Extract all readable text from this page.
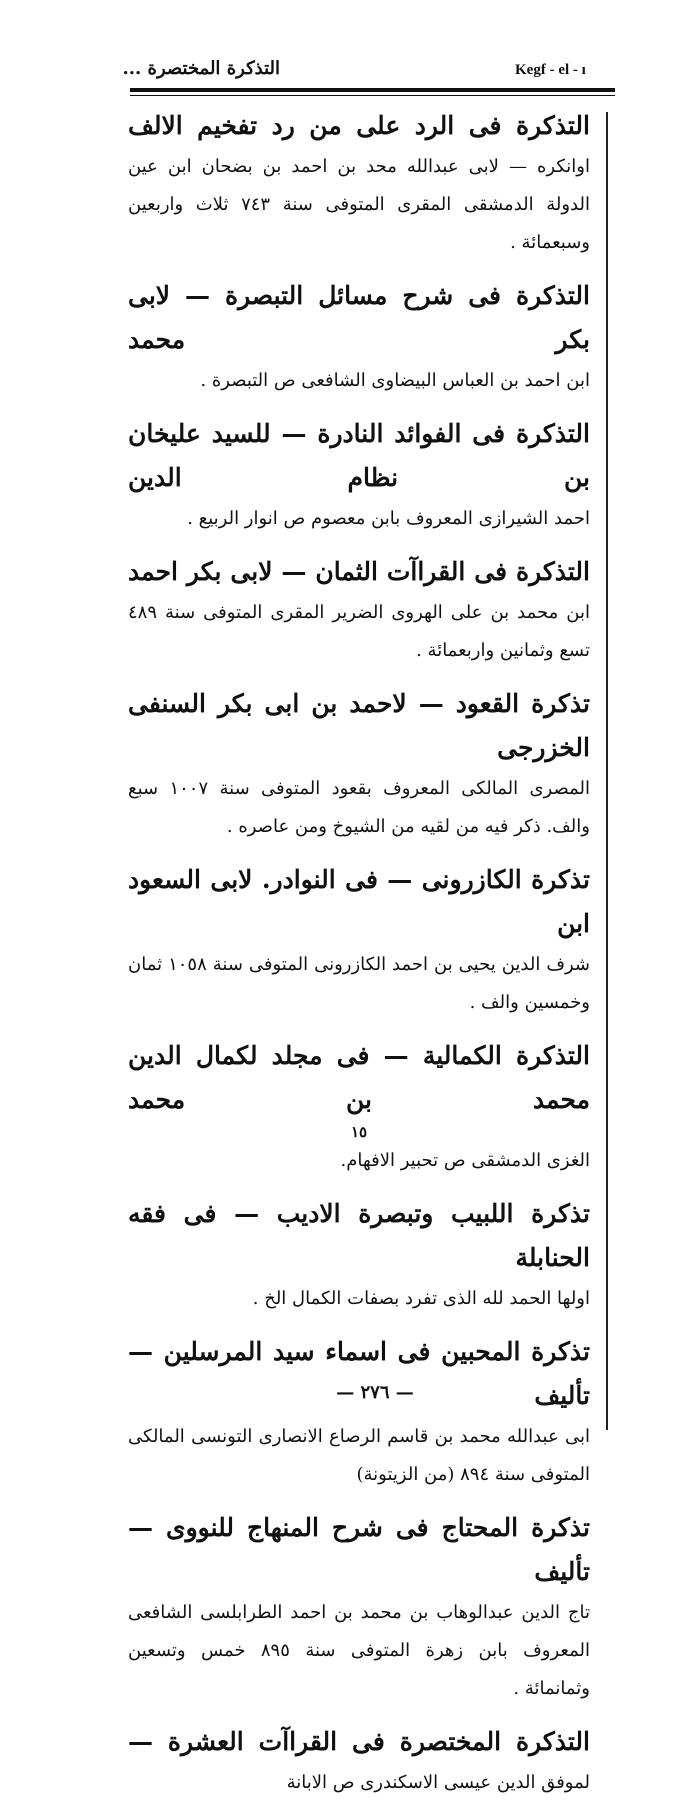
Kegf - el - ı
التذكرة المختصرة ...
التذكرة فى الرد على من رد تفخيم الالف
اوانكره — لابى عبدالله محد بن احمد بن بضحان ابن عين الدولة الدمشقى المقرى المتوفى سنة ٧٤٣ ثلاث واربعين وسبعمائة .
التذكرة فى شرح مسائل التبصرة — لابى بكر محمد
ابن احمد بن العباس البيضاوى الشافعى ص التبصرة .
التذكرة فى الفوائد النادرة — للسيد عليخان بن نظام الدين
احمد الشيرازى المعروف بابن معصوم ص انوار الربيع .
التذكرة فى القراآت الثمان — لابى بكر احمد
ابن محمد بن على الهروى الضرير المقرى المتوفى سنة ٤٨٩ تسع وثمانين واربعمائة .
تذكرة القعود — لاحمد بن ابى بكر السنفى الخزرجى
المصرى المالكى المعروف بقعود المتوفى سنة ١٠٠٧ سبع والف. ذكر فيه من لقيه من الشيوخ ومن عاصره .
تذكرة الكازرونى — فى النوادر. لابى السعود ابن
شرف الدين يحيى بن احمد الكازرونى المتوفى سنة ١٠٥٨ ثمان وخمسين والف .
التذكرة الكمالية — فى مجلد لكمال الدين محمد بن محمد
١٥
الغزى الدمشقى ص تحبير الافهام.
تذكرة اللبيب وتبصرة الاديب — فى فقه الحنابلة
اولها الحمد لله الذى تفرد بصفات الكمال الخ .
تذكرة المحبين فى اسماء سيد المرسلين — تأليف
ابى عبدالله محمد بن قاسم الرصاع الانصارى التونسى المالكى المتوفى سنة ٨٩٤ (من الزيتونة)
تذكرة المحتاج فى شرح المنهاج للنووى — تأليف
تاج الدين عبدالوهاب بن محمد بن احمد الطرابلسى الشافعى المعروف بابن زهرة المتوفى سنة ٨٩٥ خمس وتسعين وثمانمائة .
التذكرة المختصرة فى القراآت العشرة —
لموفق الدين عيسى الاسكندرى ص الابانة
— ٢٧٦ —
